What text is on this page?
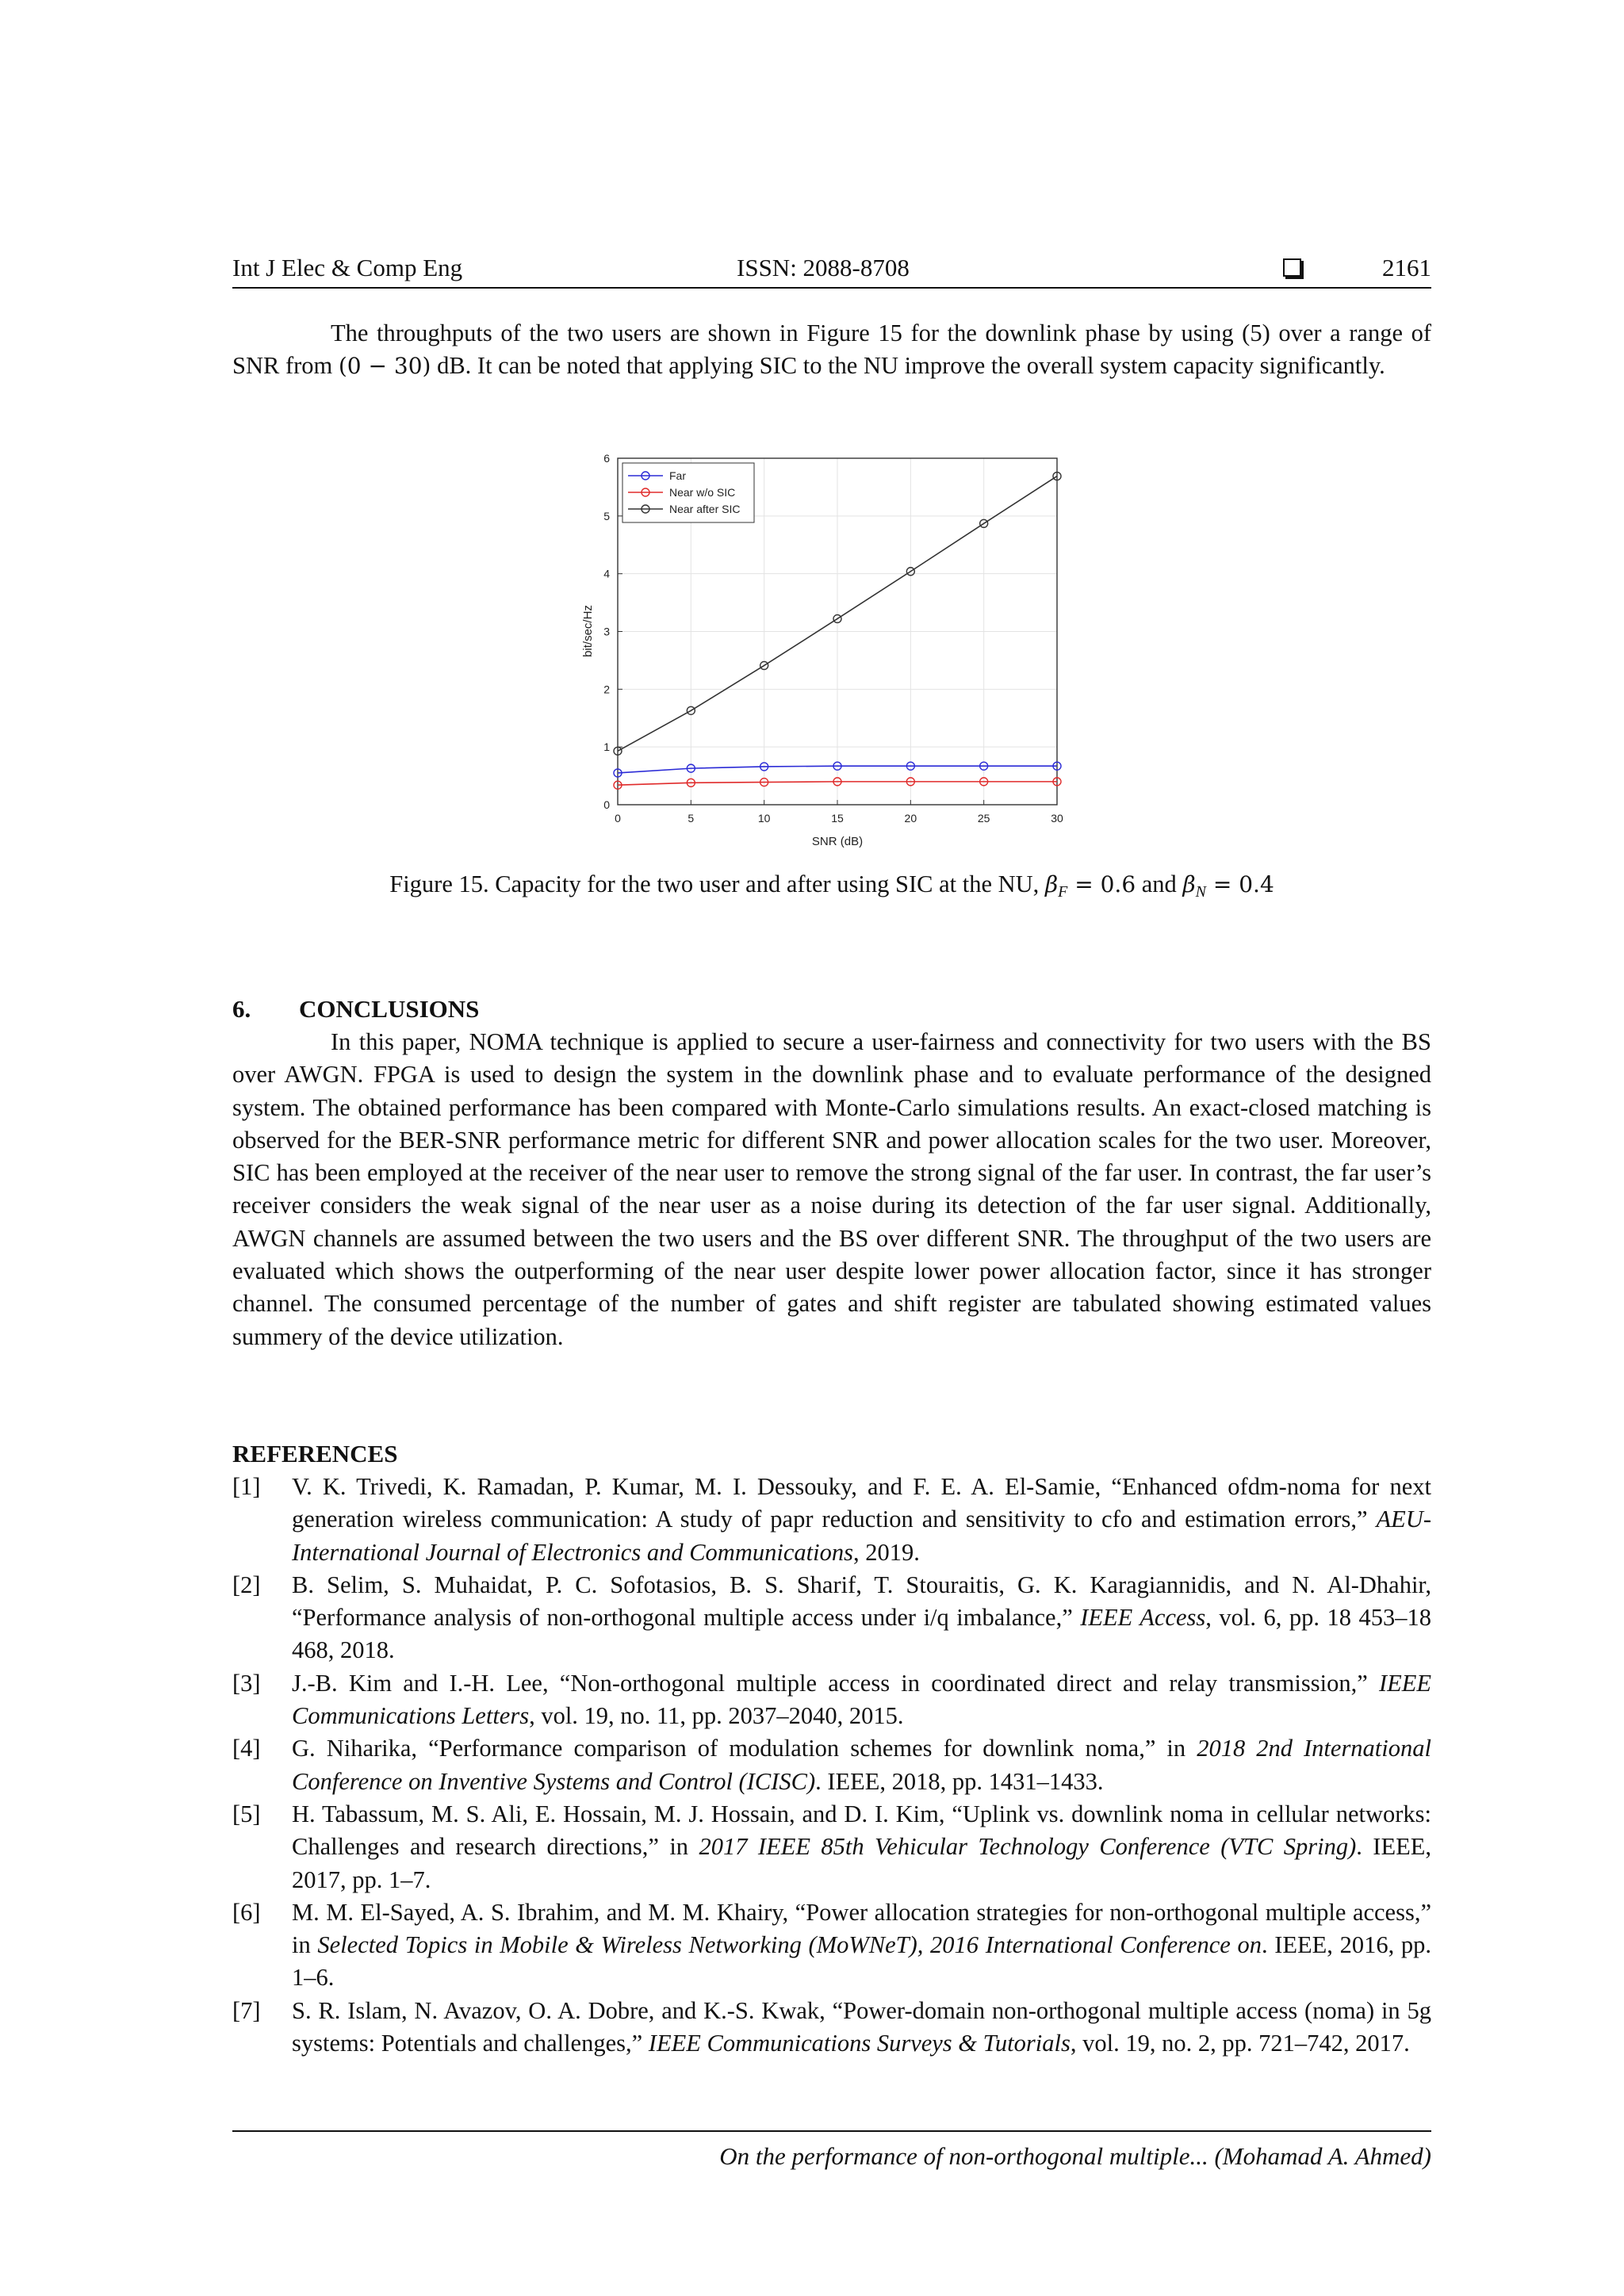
Int J Elec & Comp Eng	ISSN: 2088-8708	2161

The throughputs of the two users are shown in Figure 15 for the downlink phase by using (5) over a range of SNR from (0 − 30) dB. It can be noted that applying SIC to the NU improve the overall system capacity significantly.

0	5	10	15	20	25	30
0
1
2
3
4
5
6
SNR (dB)
bit/sec/Hz
Far
Near w/o SIC
Near after SIC
Figure 15. Capacity for the two user and after using SIC at the NU, $\beta_F = 0.6$ and $\beta_N = 0.4$
6. CONCLUSIONS

In this paper, NOMA technique is applied to secure a user-fairness and connectivity for two users with the BS over AWGN. FPGA is used to design the system in the downlink phase and to evaluate performance of the designed system. The obtained performance has been compared with Monte-Carlo simulations results. An exact-closed matching is observed for the BER-SNR performance metric for different SNR and power allocation scales for the two user. Moreover, SIC has been employed at the receiver of the near user to remove the strong signal of the far user. In contrast, the far user’s receiver considers the weak signal of the near user as a noise during its detection of the far user signal. Additionally, AWGN channels are assumed between the two users and the BS over different SNR. The throughput of the two users are evaluated which shows the outperforming of the near user despite lower power allocation factor, since it has stronger channel. The consumed percentage of the number of gates and shift register are tabulated showing estimated values summery of the device utilization.

REFERENCES
[1] V. K. Trivedi, K. Ramadan, P. Kumar, M. I. Dessouky, and F. E. A. El-Samie, “Enhanced ofdm-noma for next generation wireless communication: A study of papr reduction and sensitivity to cfo and estimation errors,” AEU-International Journal of Electronics and Communications, 2019.
[2] B. Selim, S. Muhaidat, P. C. Sofotasios, B. S. Sharif, T. Stouraitis, G. K. Karagiannidis, and N. Al-Dhahir, “Performance analysis of non-orthogonal multiple access under i/q imbalance,” IEEE Access, vol. 6, pp. 18 453–18 468, 2018.
[3] J.-B. Kim and I.-H. Lee, “Non-orthogonal multiple access in coordinated direct and relay transmission,” IEEE Communications Letters, vol. 19, no. 11, pp. 2037–2040, 2015.
[4] G. Niharika, “Performance comparison of modulation schemes for downlink noma,” in 2018 2nd International Conference on Inventive Systems and Control (ICISC). IEEE, 2018, pp. 1431–1433.
[5] H. Tabassum, M. S. Ali, E. Hossain, M. J. Hossain, and D. I. Kim, “Uplink vs. downlink noma in cellular networks: Challenges and research directions,” in 2017 IEEE 85th Vehicular Technology Conference (VTC Spring). IEEE, 2017, pp. 1–7.
[6] M. M. El-Sayed, A. S. Ibrahim, and M. M. Khairy, “Power allocation strategies for non-orthogonal multiple access,” in Selected Topics in Mobile & Wireless Networking (MoWNeT), 2016 International Conference on. IEEE, 2016, pp. 1–6.
[7] S. R. Islam, N. Avazov, O. A. Dobre, and K.-S. Kwak, “Power-domain non-orthogonal multiple access (noma) in 5g systems: Potentials and challenges,” IEEE Communications Surveys & Tutorials, vol. 19, no. 2, pp. 721–742, 2017.
On the performance of non-orthogonal multiple... (Mohamad A. Ahmed)
